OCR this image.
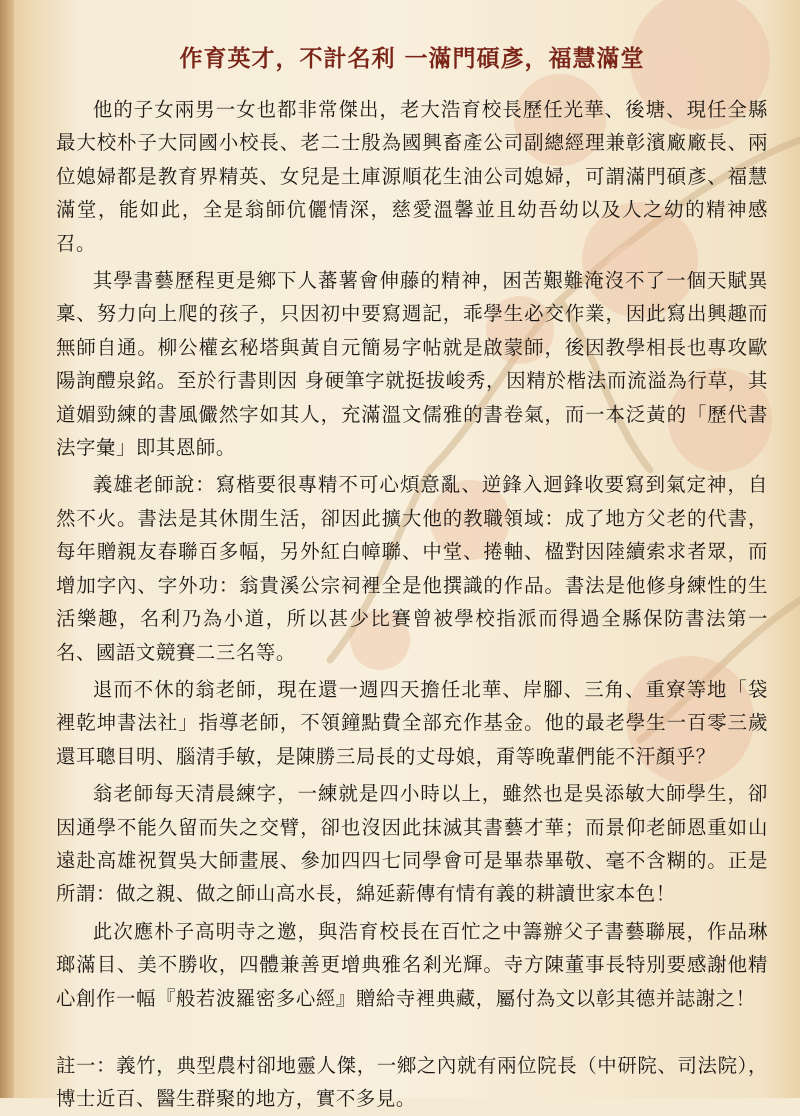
作育英才，不計名利 一滿門碩彥，福慧滿堂

他的子女兩男一女也都非常傑出，老大浩育校長歷任光華、後塘、現任全縣最大校朴子大同國小校長、老二士殷為國興畜產公司副總經理兼彰濱廠廠長、兩位媳婦都是教育界精英、女兒是土庫源順花生油公司媳婦，可謂滿門碩彥、福慧滿堂，能如此，全是翁師伉儷情深，慈愛溫馨並且幼吾幼以及人之幼的精神感召。

其學書藝歷程更是鄉下人蕃薯會伸藤的精神，困苦艱難淹沒不了一個天賦異稟、努力向上爬的孩子，只因初中要寫週記，乖學生必交作業，因此寫出興趣而無師自通。柳公權玄秘塔與黃自元簡易字帖就是啟蒙師，後因教學相長也專攻歐陽詢醴泉銘。至於行書則因 身硬筆字就挺拔峻秀，因精於楷法而流溢為行草，其道媚勁練的書風儼然字如其人，充滿溫文儒雅的書卷氣，而一本泛黃的「歷代書法字彙」即其恩師。

義雄老師說：寫楷要很專精不可心煩意亂、逆鋒入迴鋒收要寫到氣定神，自然不火。書法是其休閒生活，卻因此擴大他的教職領域：成了地方父老的代書，每年贈親友春聯百多幅，另外紅白幛聯、中堂、捲軸、楹對因陸續索求者眾，而增加字內、字外功：翁貴溪公宗祠裡全是他撰識的作品。書法是他修身練性的生活樂趣，名利乃為小道，所以甚少比賽曾被學校指派而得過全縣保防書法第一名、國語文競賽二三名等。

退而不休的翁老師，現在還一週四天擔任北華、岸腳、三角、重寮等地「袋裡乾坤書法社」指導老師，不領鐘點費全部充作基金。他的最老學生一百零三歲還耳聰目明、腦清手敏，是陳勝三局長的丈母娘，甭等晚輩們能不汗顏乎？

翁老師每天清晨練字，一練就是四小時以上，雖然也是吳添敏大師學生，卻因通學不能久留而失之交臂，卻也沒因此抹滅其書藝才華；而景仰老師恩重如山遠赴高雄祝賀吳大師畫展、參加四四七同學會可是畢恭畢敬、毫不含糊的。正是所謂：做之親、做之師山高水長，綿延薪傳有情有義的耕讀世家本色！

此次應朴子高明寺之邀，與浩育校長在百忙之中籌辦父子書藝聯展，作品琳瑯滿目、美不勝收，四體兼善更增典雅名剎光輝。寺方陳董事長特別要感謝他精心創作一幅『般若波羅密多心經』贈給寺裡典藏，屬付為文以彰其德并誌謝之！

註一：義竹，典型農村卻地靈人傑，一鄉之內就有兩位院長（中研院、司法院），博士近百、醫生群聚的地方，實不多見。
